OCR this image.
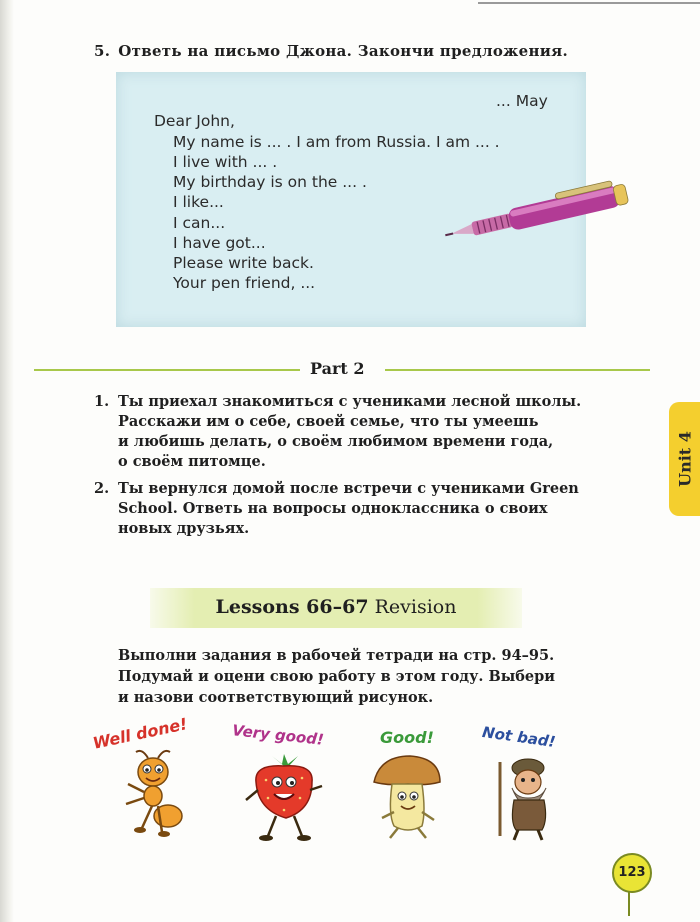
5. Ответь на письмо Джона. Закончи предложения.
... May
Dear John,
My name is ... . I am from Russia. I am ... .
I live with ... .
My birthday is on the ... .
I like...
I can...
I have got...
Please write back.
Your pen friend, ...
Part 2
1. Ты приехал знакомиться с учениками лесной школы.
Расскажи им о себе, своей семье, что ты умеешь
и любишь делать, о своём любимом времени года,
о своём питомце.
2. Ты вернулся домой после встречи с учениками Green
School. Ответь на вопросы одноклассника о своих
новых друзьях.
Unit 4
Lessons 66–67 Revision
Выполни задания в рабочей тетради на стр. 94–95.
Подумай и оцени свою работу в этом году. Выбери
и назови соответствующий рисунок.
Well done!	Very good!	Good!	Not bad!
123
